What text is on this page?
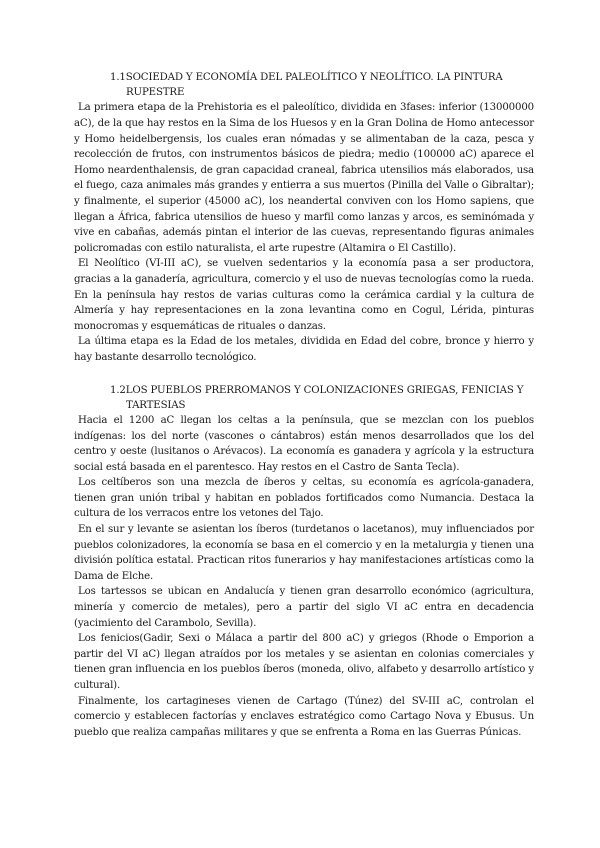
1.1SOCIEDAD Y ECONOMÍA DEL PALEOLÍTICO Y NEOLÍTICO. LA PINTURA
RUPESTRE

La primera etapa de la Prehistoria es el paleolítico, dividida en 3fases: inferior (13000000 aC), de la que hay restos en la Sima de los Huesos y en la Gran Dolina de Homo antecessor y Homo heidelbergensis, los cuales eran nómadas y se alimentaban de la caza, pesca y recolección de frutos, con instrumentos básicos de piedra; medio (100000 aC) aparece el Homo neardenthalensis, de gran capacidad craneal, fabrica utensilios más elaborados, usa el fuego, caza animales más grandes y entierra a sus muertos (Pinilla del Valle o Gibraltar); y finalmente, el superior (45000 aC), los neandertal conviven con los Homo sapiens, que llegan a África, fabrica utensilios de hueso y marfil como lanzas y arcos, es seminómada y vive en cabañas, además pintan el interior de las cuevas, representando figuras animales policromadas con estilo naturalista, el arte rupestre (Altamira o El Castillo).

El Neolítico (VI-III aC), se vuelven sedentarios y la economía pasa a ser productora, gracias a la ganadería, agricultura, comercio y el uso de nuevas tecnologías como la rueda. En la península hay restos de varias culturas como la cerámica cardial y la cultura de Almería y hay representaciones en la zona levantina como en Cogul, Lérida, pinturas monocromas y esquemáticas de rituales o danzas.

La última etapa es la Edad de los metales, dividida en Edad del cobre, bronce y hierro y hay bastante desarrollo tecnológico.

1.2LOS PUEBLOS PRERROMANOS Y COLONIZACIONES GRIEGAS, FENICIAS Y
TARTESIAS

Hacia el 1200 aC llegan los celtas a la península, que se mezclan con los pueblos indígenas: los del norte (vascones o cántabros) están menos desarrollados que los del centro y oeste (lusitanos o Arévacos). La economía es ganadera y agrícola y la estructura social está basada en el parentesco. Hay restos en el Castro de Santa Tecla).

Los celtíberos son una mezcla de íberos y celtas, su economía es agrícola-ganadera, tienen gran unión tribal y habitan en poblados fortificados como Numancia. Destaca la cultura de los verracos entre los vetones del Tajo.

En el sur y levante se asientan los íberos (turdetanos o lacetanos), muy influenciados por pueblos colonizadores, la economía se basa en el comercio y en la metalurgia y tienen una división política estatal. Practican ritos funerarios y hay manifestaciones artísticas como la Dama de Elche.

Los tartessos se ubican en Andalucía y tienen gran desarrollo económico (agricultura, minería y comercio de metales), pero a partir del siglo VI aC entra en decadencia (yacimiento del Carambolo, Sevilla).

Los fenicios(Gadir, Sexi o Málaca a partir del 800 aC) y griegos (Rhode o Emporion a partir del VI aC) llegan atraídos por los metales y se asientan en colonias comerciales y tienen gran influencia en los pueblos íberos (moneda, olivo, alfabeto y desarrollo artístico y cultural).

Finalmente, los cartagineses vienen de Cartago (Túnez) del SV-III aC, controlan el comercio y establecen factorías y enclaves estratégico como Cartago Nova y Ebusus. Un pueblo que realiza campañas militares y que se enfrenta a Roma en las Guerras Púnicas.
